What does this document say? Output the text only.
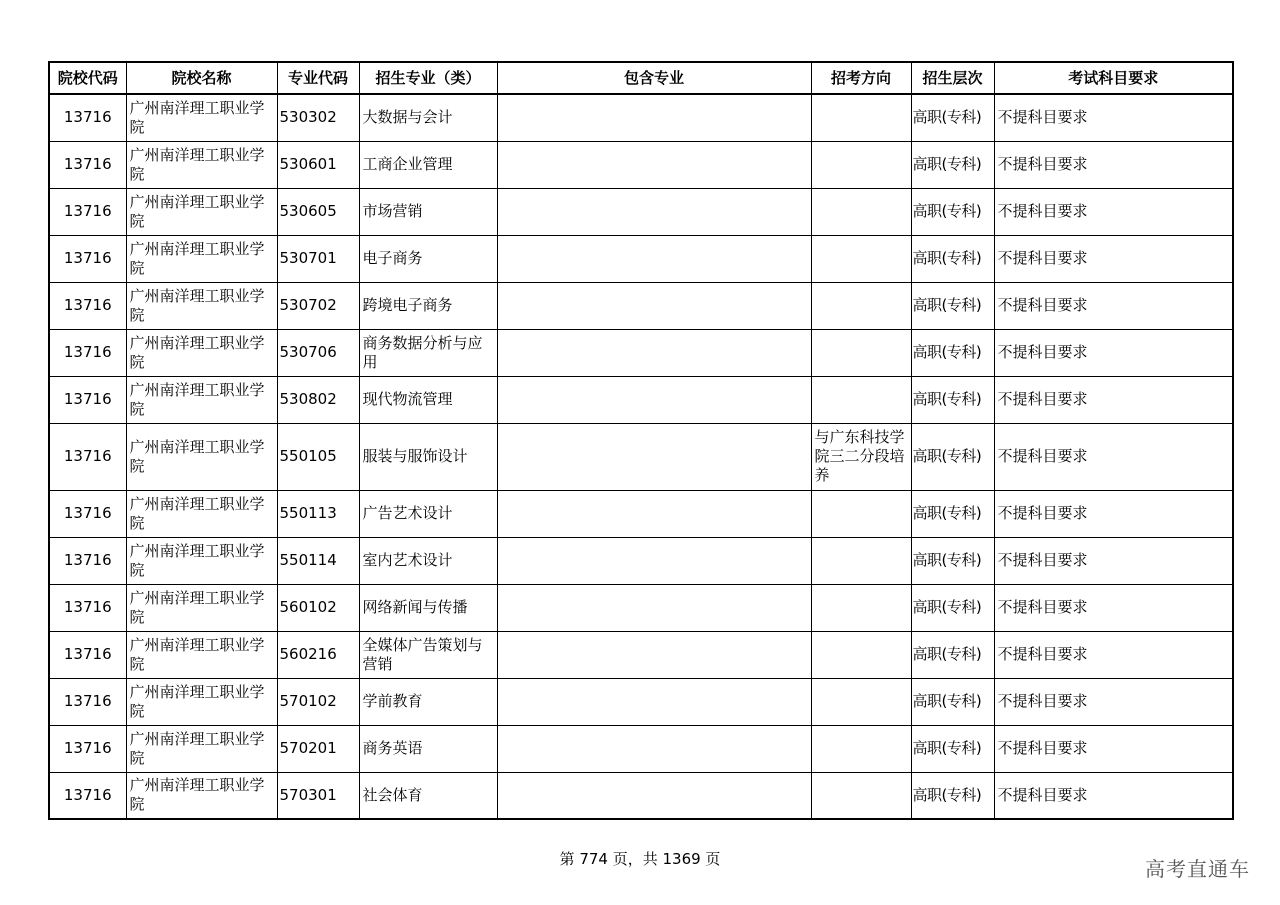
院校代码	院校名称	专业代码	招生专业（类）	包含专业	招考方向	招生层次	考试科目要求
13716	广州南洋理工职业学院	530302	大数据与会计			高职(专科)	不提科目要求
13716	广州南洋理工职业学院	530601	工商企业管理			高职(专科)	不提科目要求
13716	广州南洋理工职业学院	530605	市场营销			高职(专科)	不提科目要求
13716	广州南洋理工职业学院	530701	电子商务			高职(专科)	不提科目要求
13716	广州南洋理工职业学院	530702	跨境电子商务			高职(专科)	不提科目要求
13716	广州南洋理工职业学院	530706	商务数据分析与应用			高职(专科)	不提科目要求
13716	广州南洋理工职业学院	530802	现代物流管理			高职(专科)	不提科目要求
13716	广州南洋理工职业学院	550105	服装与服饰设计		与广东科技学院三二分段培养	高职(专科)	不提科目要求
13716	广州南洋理工职业学院	550113	广告艺术设计			高职(专科)	不提科目要求
13716	广州南洋理工职业学院	550114	室内艺术设计			高职(专科)	不提科目要求
13716	广州南洋理工职业学院	560102	网络新闻与传播			高职(专科)	不提科目要求
13716	广州南洋理工职业学院	560216	全媒体广告策划与营销			高职(专科)	不提科目要求
13716	广州南洋理工职业学院	570102	学前教育			高职(专科)	不提科目要求
13716	广州南洋理工职业学院	570201	商务英语			高职(专科)	不提科目要求
13716	广州南洋理工职业学院	570301	社会体育			高职(专科)	不提科目要求
第 774 页，共 1369 页	高考直通车
